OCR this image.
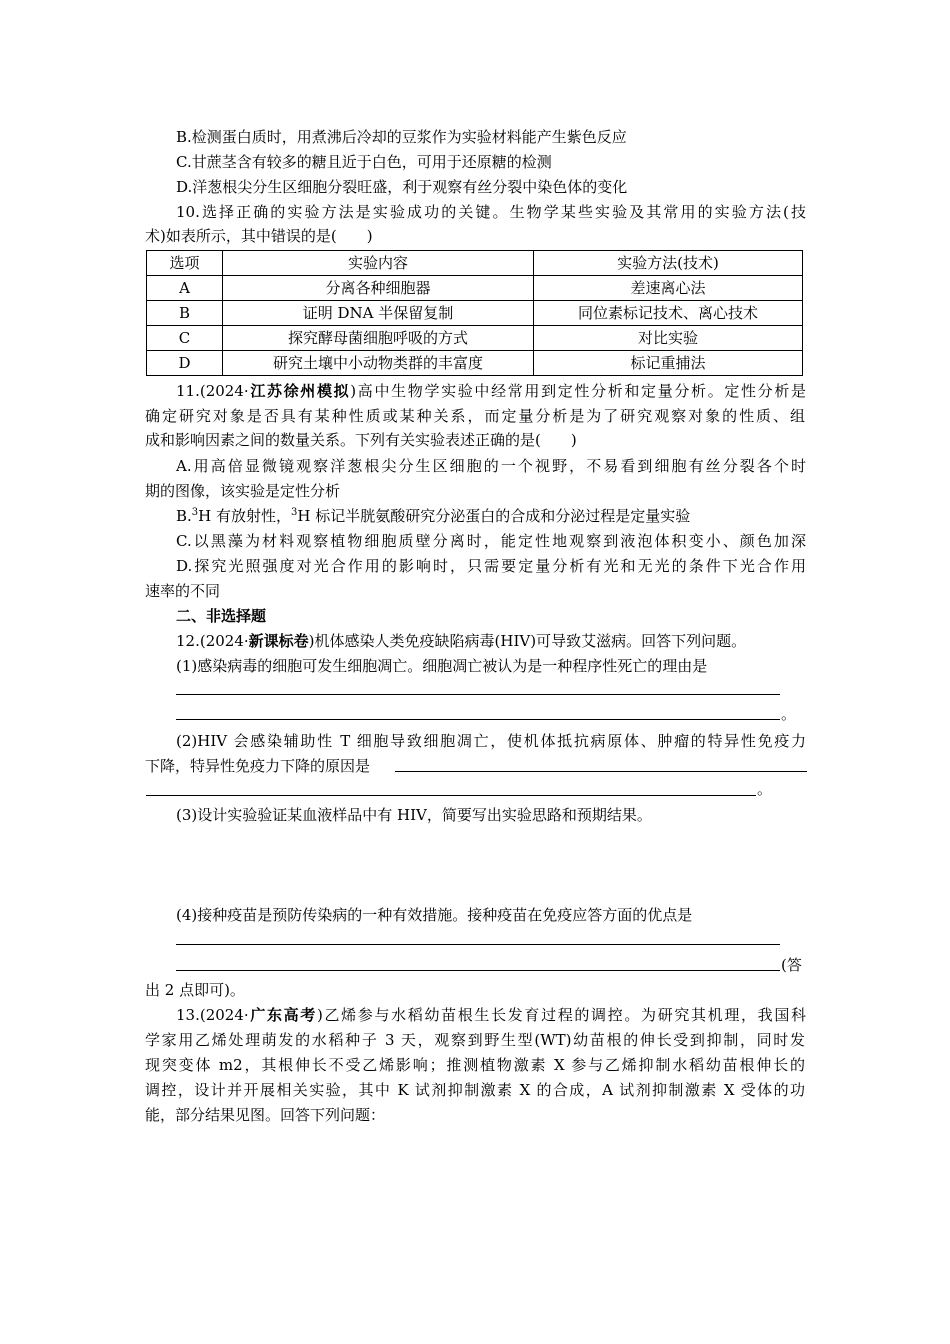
B.检测蛋白质时，用煮沸后冷却的豆浆作为实验材料能产生紫色反应
C.甘蔗茎含有较多的糖且近于白色，可用于还原糖的检测
D.洋葱根尖分生区细胞分裂旺盛，利于观察有丝分裂中染色体的变化
10.选择正确的实验方法是实验成功的关键。生物学某些实验及其常用的实验方法(技
术)如表所示，其中错误的是(　　)
选项	实验内容	实验方法(技术)
A	分离各种细胞器	差速离心法
B	证明 DNA 半保留复制	同位素标记技术、离心技术
C	探究酵母菌细胞呼吸的方式	对比实验
D	研究土壤中小动物类群的丰富度	标记重捕法
11.(2024·江苏徐州模拟)高中生物学实验中经常用到定性分析和定量分析。定性分析是
确定研究对象是否具有某种性质或某种关系，而定量分析是为了研究观察对象的性质、组
成和影响因素之间的数量关系。下列有关实验表述正确的是(　　)
A.用高倍显微镜观察洋葱根尖分生区细胞的一个视野，不易看到细胞有丝分裂各个时
期的图像，该实验是定性分析
B.$^3$H 有放射性，$^3$H 标记半胱氨酸研究分泌蛋白的合成和分泌过程是定量实验
C.以黑藻为材料观察植物细胞质壁分离时，能定性地观察到液泡体积变小、颜色加深
D.探究光照强度对光合作用的影响时，只需要定量分析有光和无光的条件下光合作用
速率的不同
二、非选择题
12.(2024·新课标卷)机体感染人类免疫缺陷病毒(HIV)可导致艾滋病。回答下列问题。
(1)感染病毒的细胞可发生细胞凋亡。细胞凋亡被认为是一种程序性死亡的理由是
。
(2)HIV 会感染辅助性 T 细胞导致细胞凋亡，使机体抵抗病原体、肿瘤的特异性免疫力
下降，特异性免疫力下降的原因是
。
(3)设计实验验证某血液样品中有 HIV，简要写出实验思路和预期结果。
(4)接种疫苗是预防传染病的一种有效措施。接种疫苗在免疫应答方面的优点是
(答
出 2 点即可)。
13.(2024·广东高考)乙烯参与水稻幼苗根生长发育过程的调控。为研究其机理，我国科
学家用乙烯处理萌发的水稻种子 3 天，观察到野生型(WT)幼苗根的伸长受到抑制，同时发
现突变体 m2，其根伸长不受乙烯影响；推测植物激素 X 参与乙烯抑制水稻幼苗根伸长的
调控，设计并开展相关实验，其中 K 试剂抑制激素 X 的合成，A 试剂抑制激素 X 受体的功
能，部分结果见图。回答下列问题：
